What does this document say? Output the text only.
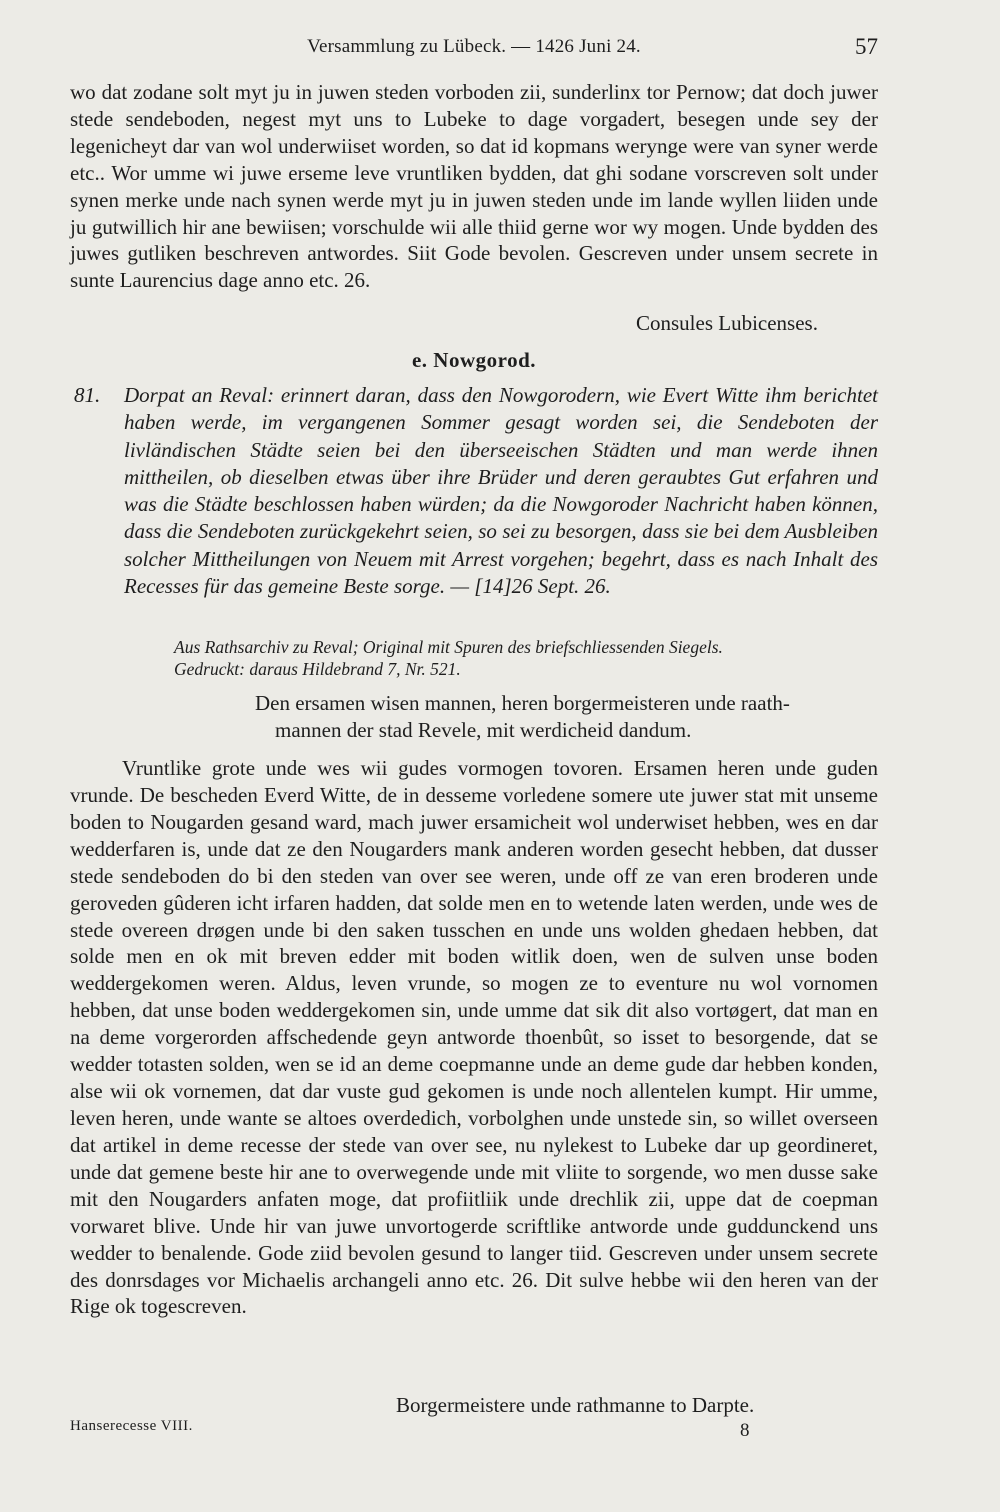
Versammlung zu Lübeck. — 1426 Juni 24.	57

wo dat zodane solt myt ju in juwen steden vorboden zii, sunderlinx tor Pernow; dat doch juwer stede sendeboden, negest myt uns to Lubeke to dage vorgadert, besegen unde sey der legenicheyt dar van wol underwiiset worden, so dat id kopmans werynge were van syner werde etc.. Wor umme wi juwe erseme leve vruntliken bydden, dat ghi sodane vorscreven solt under synen merke unde nach synen werde myt ju in juwen steden unde im lande wyllen liiden unde ju gutwillich hir ane bewiisen; vorschulde wii alle thiid gerne wor wy mogen. Unde bydden des juwes gutliken beschreven antwordes. Siit Gode bevolen. Gescreven under unsem secrete in sunte Laurencius dage anno etc. 26.

Consules Lubicenses.
e. Nowgorod.
81. Dorpat an Reval: erinnert daran, dass den Nowgorodern, wie Evert Witte ihm berichtet haben werde, im vergangenen Sommer gesagt worden sei, die Sendeboten der livländischen Städte seien bei den überseeischen Städten und man werde ihnen mittheilen, ob dieselben etwas über ihre Brüder und deren geraubtes Gut erfahren und was die Städte beschlossen haben würden; da die Nowgoroder Nachricht haben können, dass die Sendeboten zurückgekehrt seien, so sei zu besorgen, dass sie bei dem Ausbleiben solcher Mittheilungen von Neuem mit Arrest vorgehen; begehrt, dass es nach Inhalt des Recesses für das gemeine Beste sorge. — [14]26 Sept. 26.

Aus Rathsarchiv zu Reval; Original mit Spuren des briefschliessenden Siegels.

Gedruckt: daraus Hildebrand 7, Nr. 521.

Den ersamen wisen mannen, heren borgermeisteren unde raath-

mannen der stad Revele, mit werdicheid dandum.

Vruntlike grote unde wes wii gudes vormogen tovoren. Ersamen heren unde guden vrunde. De bescheden Everd Witte, de in desseme vorledene somere ute juwer stat mit unseme boden to Nougarden gesand ward, mach juwer ersamicheit wol underwiset hebben, wes en dar wedderfaren is, unde dat ze den Nougarders mank anderen worden gesecht hebben, dat dusser stede sendeboden do bi den steden van over see weren, unde off ze van eren broderen unde geroveden gûderen icht irfaren hadden, dat solde men en to wetende laten werden, unde wes de stede overeen drøgen unde bi den saken tusschen en unde uns wolden ghedaen hebben, dat solde men en ok mit breven edder mit boden witlik doen, wen de sulven unse boden weddergekomen weren. Aldus, leven vrunde, so mogen ze to eventure nu wol vornomen hebben, dat unse boden weddergekomen sin, unde umme dat sik dit also vortøgert, dat man en na deme vorgerorden affschedende geyn antworde thoenbût, so isset to besorgende, dat se wedder totasten solden, wen se id an deme coepmanne unde an deme gude dar hebben konden, alse wii ok vornemen, dat dar vuste gud gekomen is unde noch allentelen kumpt. Hir umme, leven heren, unde wante se altoes overdedich, vorbolghen unde unstede sin, so willet overseen dat artikel in deme recesse der stede van over see, nu nylekest to Lubeke dar up geordineret, unde dat gemene beste hir ane to overwegende unde mit vliite to sorgende, wo men dusse sake mit den Nougarders anfaten moge, dat profiitliik unde drechlik zii, uppe dat de coepman vorwaret blive. Unde hir van juwe unvortogerde scriftlike antworde unde guddunckend uns wedder to benalende. Gode ziid bevolen gesund to langer tiid. Gescreven under unsem secrete des donrsdages vor Michaelis archangeli anno etc. 26. Dit sulve hebbe wii den heren van der Rige ok togescreven.

Borgermeistere unde rathmanne to Darpte.
Hanserecesse VIII.	8
